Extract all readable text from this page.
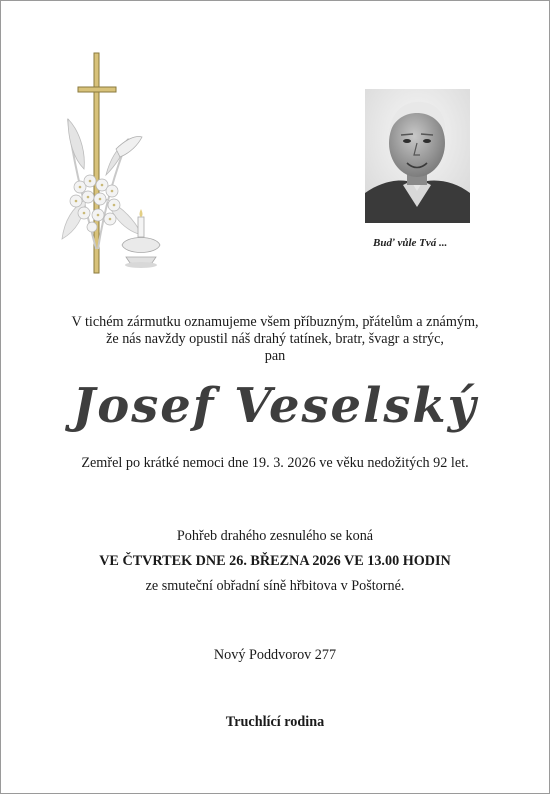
Buď vůle Tvá ...
V tichém zármutku oznamujeme všem příbuzným, přátelům a známým,
že nás navždy opustil náš drahý tatínek, bratr, švagr a strýc,
pan
Josef Veselský
Zemřel po krátké nemoci dne 19. 3. 2026 ve věku nedožitých 92 let.
Pohřeb drahého zesnulého se koná
VE ČTVRTEK DNE 26. BŘEZNA 2026 VE 13.00 HODIN
ze smuteční obřadní síně hřbitova v Poštorné.
Nový Poddvorov 277
Truchlící rodina
